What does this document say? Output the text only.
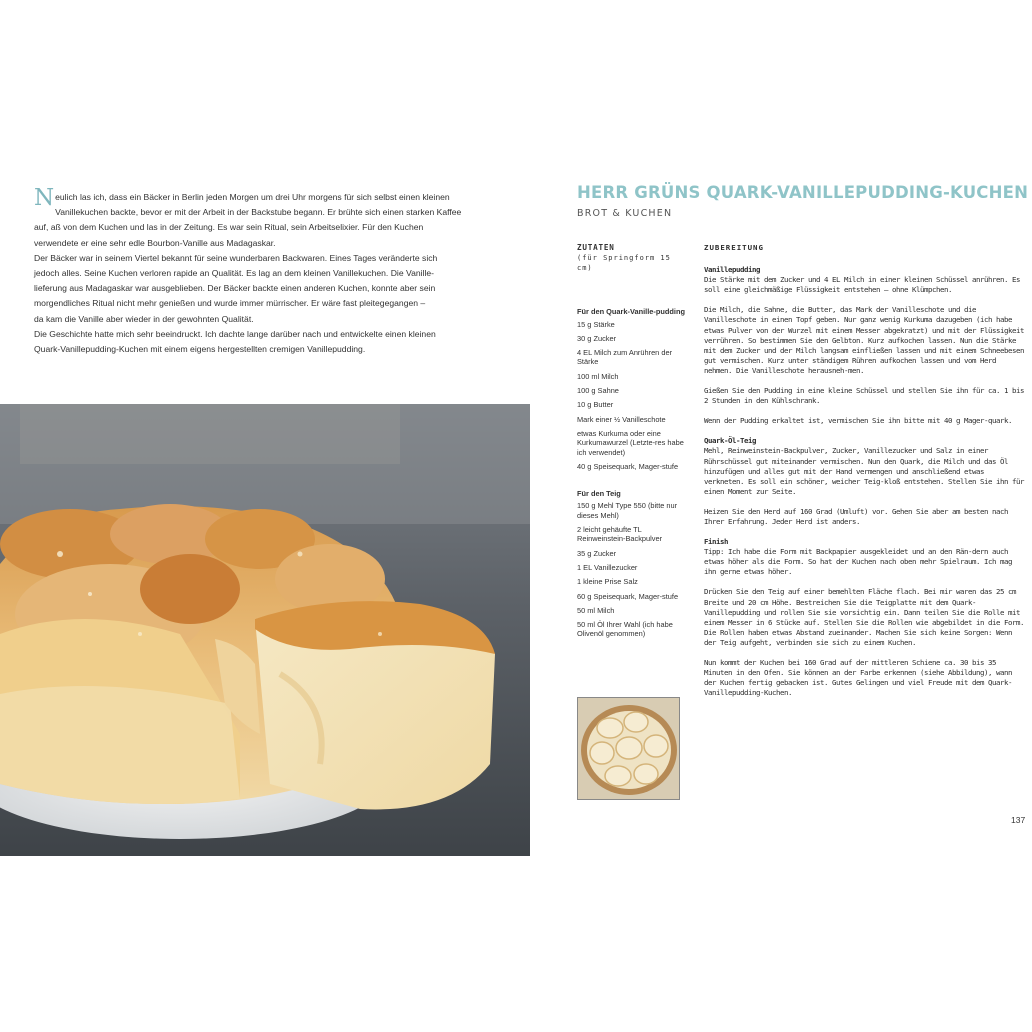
N eulich las ich, dass ein Bäcker in Berlin jeden Morgen um drei Uhr morgens für sich selbst einen kleinen
Vanillekuchen backte, bevor er mit der Arbeit in der Backstube begann. Er brühte sich einen starken Kaffee
auf, aß von dem Kuchen und las in der Zeitung. Es war sein Ritual, sein Arbeitselixier. Für den Kuchen
verwendete er eine sehr edle Bourbon-Vanille aus Madagaskar.
Der Bäcker war in seinem Viertel bekannt für seine wunderbaren Backwaren. Eines Tages veränderte sich
jedoch alles. Seine Kuchen verloren rapide an Qualität. Es lag an dem kleinen Vanillekuchen. Die Vanille-
lieferung aus Madagaskar war ausgeblieben. Der Bäcker backte einen anderen Kuchen, konnte aber sein
morgendliches Ritual nicht mehr genießen und wurde immer mürrischer. Er wäre fast pleitegegangen –
da kam die Vanille aber wieder in der gewohnten Qualität.
Die Geschichte hatte mich sehr beeindruckt. Ich dachte lange darüber nach und entwickelte einen kleinen
Quark-Vanillepudding-Kuchen mit einem eigens hergestellten cremigen Vanillepudding.
HERR GRÜNS QUARK-VANILLEPUDDING-KUCHEN
BROT & KUCHEN
ZUTATEN
(für Springform 15 cm)
Für den Quark-Vanille-pudding
15 g Stärke
30 g Zucker
4 EL Milch zum Anrühren der Stärke
100 ml Milch
100 g Sahne
10 g Butter
Mark einer ½ Vanilleschote
etwas Kurkuma oder eine Kurkumawurzel (Letzte-res habe ich verwendet)
40 g Speisequark, Mager-stufe
Für den Teig
150 g Mehl Type 550 (bitte nur dieses Mehl)
2 leicht gehäufte TL Reinweinstein-Backpulver
35 g Zucker
1 EL Vanillezucker
1 kleine Prise Salz
60 g Speisequark, Mager-stufe
50 ml Milch
50 ml Öl Ihrer Wahl (ich habe Olivenöl genommen)
ZUBEREITUNG
Vanillepudding

Die Stärke mit dem Zucker und 4 EL Milch in einer kleinen Schüssel anrühren. Es soll eine gleichmäßige Flüssigkeit entstehen – ohne Klümpchen.

Die Milch, die Sahne, die Butter, das Mark der Vanilleschote und die Vanilleschote in einen Topf geben. Nur ganz wenig Kurkuma dazugeben (ich habe etwas Pulver von der Wurzel mit einem Messer abgekratzt) und mit der Flüssigkeit verrühren. So bestimmen Sie den Gelbton. Kurz aufkochen lassen. Nun die Stärke mit dem Zucker und der Milch langsam einfließen lassen und mit einem Schneebesen gut vermischen. Kurz unter ständigem Rühren aufkochen lassen und vom Herd nehmen. Die Vanilleschote herausneh-men.

Gießen Sie den Pudding in eine kleine Schüssel und stellen Sie ihn für ca. 1 bis 2 Stunden in den Kühlschrank.

Wenn der Pudding erkaltet ist, vermischen Sie ihn bitte mit 40 g Mager-quark.

Quark-Öl-Teig

Mehl, Reinweinstein-Backpulver, Zucker, Vanillezucker und Salz in einer Rührschüssel gut miteinander vermischen. Nun den Quark, die Milch und das Öl hinzufügen und alles gut mit der Hand vermengen und anschließend etwas verkneten. Es soll ein schöner, weicher Teig-kloß entstehen. Stellen Sie ihn für einen Moment zur Seite.

Heizen Sie den Herd auf 160 Grad (Umluft) vor. Gehen Sie aber am besten nach Ihrer Erfahrung. Jeder Herd ist anders.

Finish

Tipp: Ich habe die Form mit Backpapier ausgekleidet und an den Rän-dern auch etwas höher als die Form. So hat der Kuchen nach oben mehr Spielraum. Ich mag ihn gerne etwas höher.

Drücken Sie den Teig auf einer bemehlten Fläche flach. Bei mir waren das 25 cm Breite und 20 cm Höhe. Bestreichen Sie die Teigplatte mit dem Quark-Vanillepudding und rollen Sie sie vorsichtig ein. Dann teilen Sie die Rolle mit einem Messer in 6 Stücke auf. Stellen Sie die Rollen wie abgebildet in die Form. Die Rollen haben etwas Abstand zueinander. Machen Sie sich keine Sorgen: Wenn der Teig aufgeht, verbinden sie sich zu einem Kuchen.

Nun kommt der Kuchen bei 160 Grad auf der mittleren Schiene ca. 30 bis 35 Minuten in den Ofen. Sie können an der Farbe erkennen (siehe Abbildung), wann der Kuchen fertig gebacken ist. Gutes Gelingen und viel Freude mit dem Quark-Vanillepudding-Kuchen.

137
